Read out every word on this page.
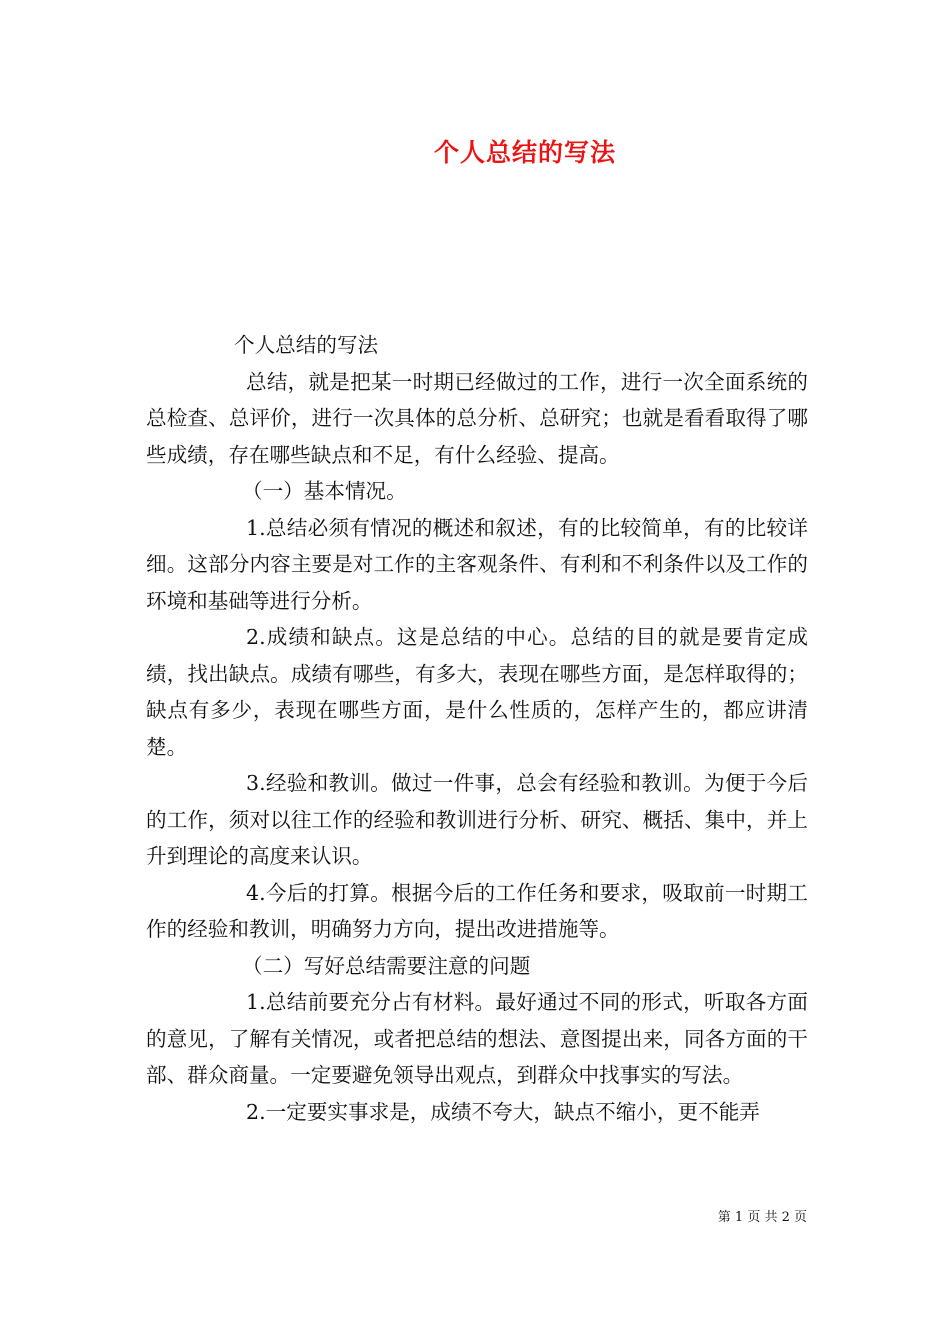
个人总结的写法

个人总结的写法

总结，就是把某一时期已经做过的工作，进行一次全面系统的总检查、总评价，进行一次具体的总分析、总研究；也就是看看取得了哪些成绩，存在哪些缺点和不足，有什么经验、提高。

（一）基本情况。

1.总结必须有情况的概述和叙述，有的比较简单，有的比较详细。这部分内容主要是对工作的主客观条件、有利和不利条件以及工作的环境和基础等进行分析。

2.成绩和缺点。这是总结的中心。总结的目的就是要肯定成绩，找出缺点。成绩有哪些，有多大，表现在哪些方面，是怎样取得的；缺点有多少，表现在哪些方面，是什么性质的，怎样产生的，都应讲清楚。

3.经验和教训。做过一件事，总会有经验和教训。为便于今后的工作，须对以往工作的经验和教训进行分析、研究、概括、集中，并上升到理论的高度来认识。

4.今后的打算。根据今后的工作任务和要求，吸取前一时期工作的经验和教训，明确努力方向，提出改进措施等。

（二）写好总结需要注意的问题

1.总结前要充分占有材料。最好通过不同的形式，听取各方面的意见，了解有关情况，或者把总结的想法、意图提出来，同各方面的干部、群众商量。一定要避免领导出观点，到群众中找事实的写法。

2.一定要实事求是，成绩不夸大，缺点不缩小，更不能弄

第 1 页 共 2 页
